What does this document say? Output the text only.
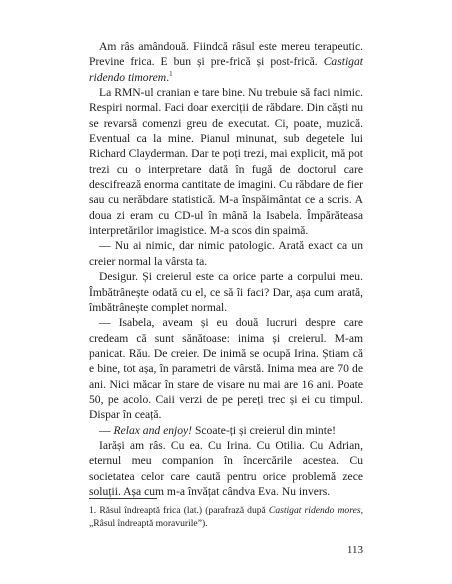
Am râs amândouă. Fiindcă râsul este mereu terapeutic. Previne frica. E bun și pre-frică și post-frică. Castigat ridendo timorem.$^1$

La RMN-ul cranian e tare bine. Nu trebuie să faci nimic. Respiri normal. Faci doar exerciții de răbdare. Din căști nu se revarsă comenzi greu de executat. Ci, poate, muzică. Eventual ca la mine. Pianul minunat, sub degetele lui Richard Clayderman. Dar te poți trezi, mai explicit, mă pot trezi cu o interpretare dată în fugă de doctorul care descifrează enorma cantitate de imagini. Cu răbdare de fier sau cu nerăbdare statistică. M-a înspăimântat ce a scris. A doua zi eram cu CD-ul în mână la Isabela. Împărăteasa interpretărilor imagistice. M-a scos din spaimă.

— Nu ai nimic, dar nimic patologic. Arată exact ca un creier normal la vârsta ta.

Desigur. Și creierul este ca orice parte a corpului meu. Îmbătrânește odată cu el, ce să îi faci? Dar, așa cum arată, îmbătrânește complet normal.

— Isabela, aveam și eu două lucruri despre care credeam că sunt sănătoase: inima și creierul. M-am panicat. Rău. De creier. De inimă se ocupă Irina. Știam că e bine, tot așa, în parametri de vârstă. Inima mea are 70 de ani. Nici măcar în stare de visare nu mai are 16 ani. Poate 50, pe acolo. Caii verzi de pe pereți trec și ei cu timpul. Dispar în ceață.

— Relax and enjoy! Scoate-ți și creierul din minte!

Iarăși am râs. Cu ea. Cu Irina. Cu Otilia. Cu Adrian, eternul meu companion în încercările acestea. Cu societatea celor care caută pentru orice problemă zece soluții. Așa cum m-a învățat cândva Eva. Nu invers.

1. Răsul îndreaptă frica (lat.) (parafrază după Castigat ridendo mores, „Râsul îndreaptă moravurile”).
113
